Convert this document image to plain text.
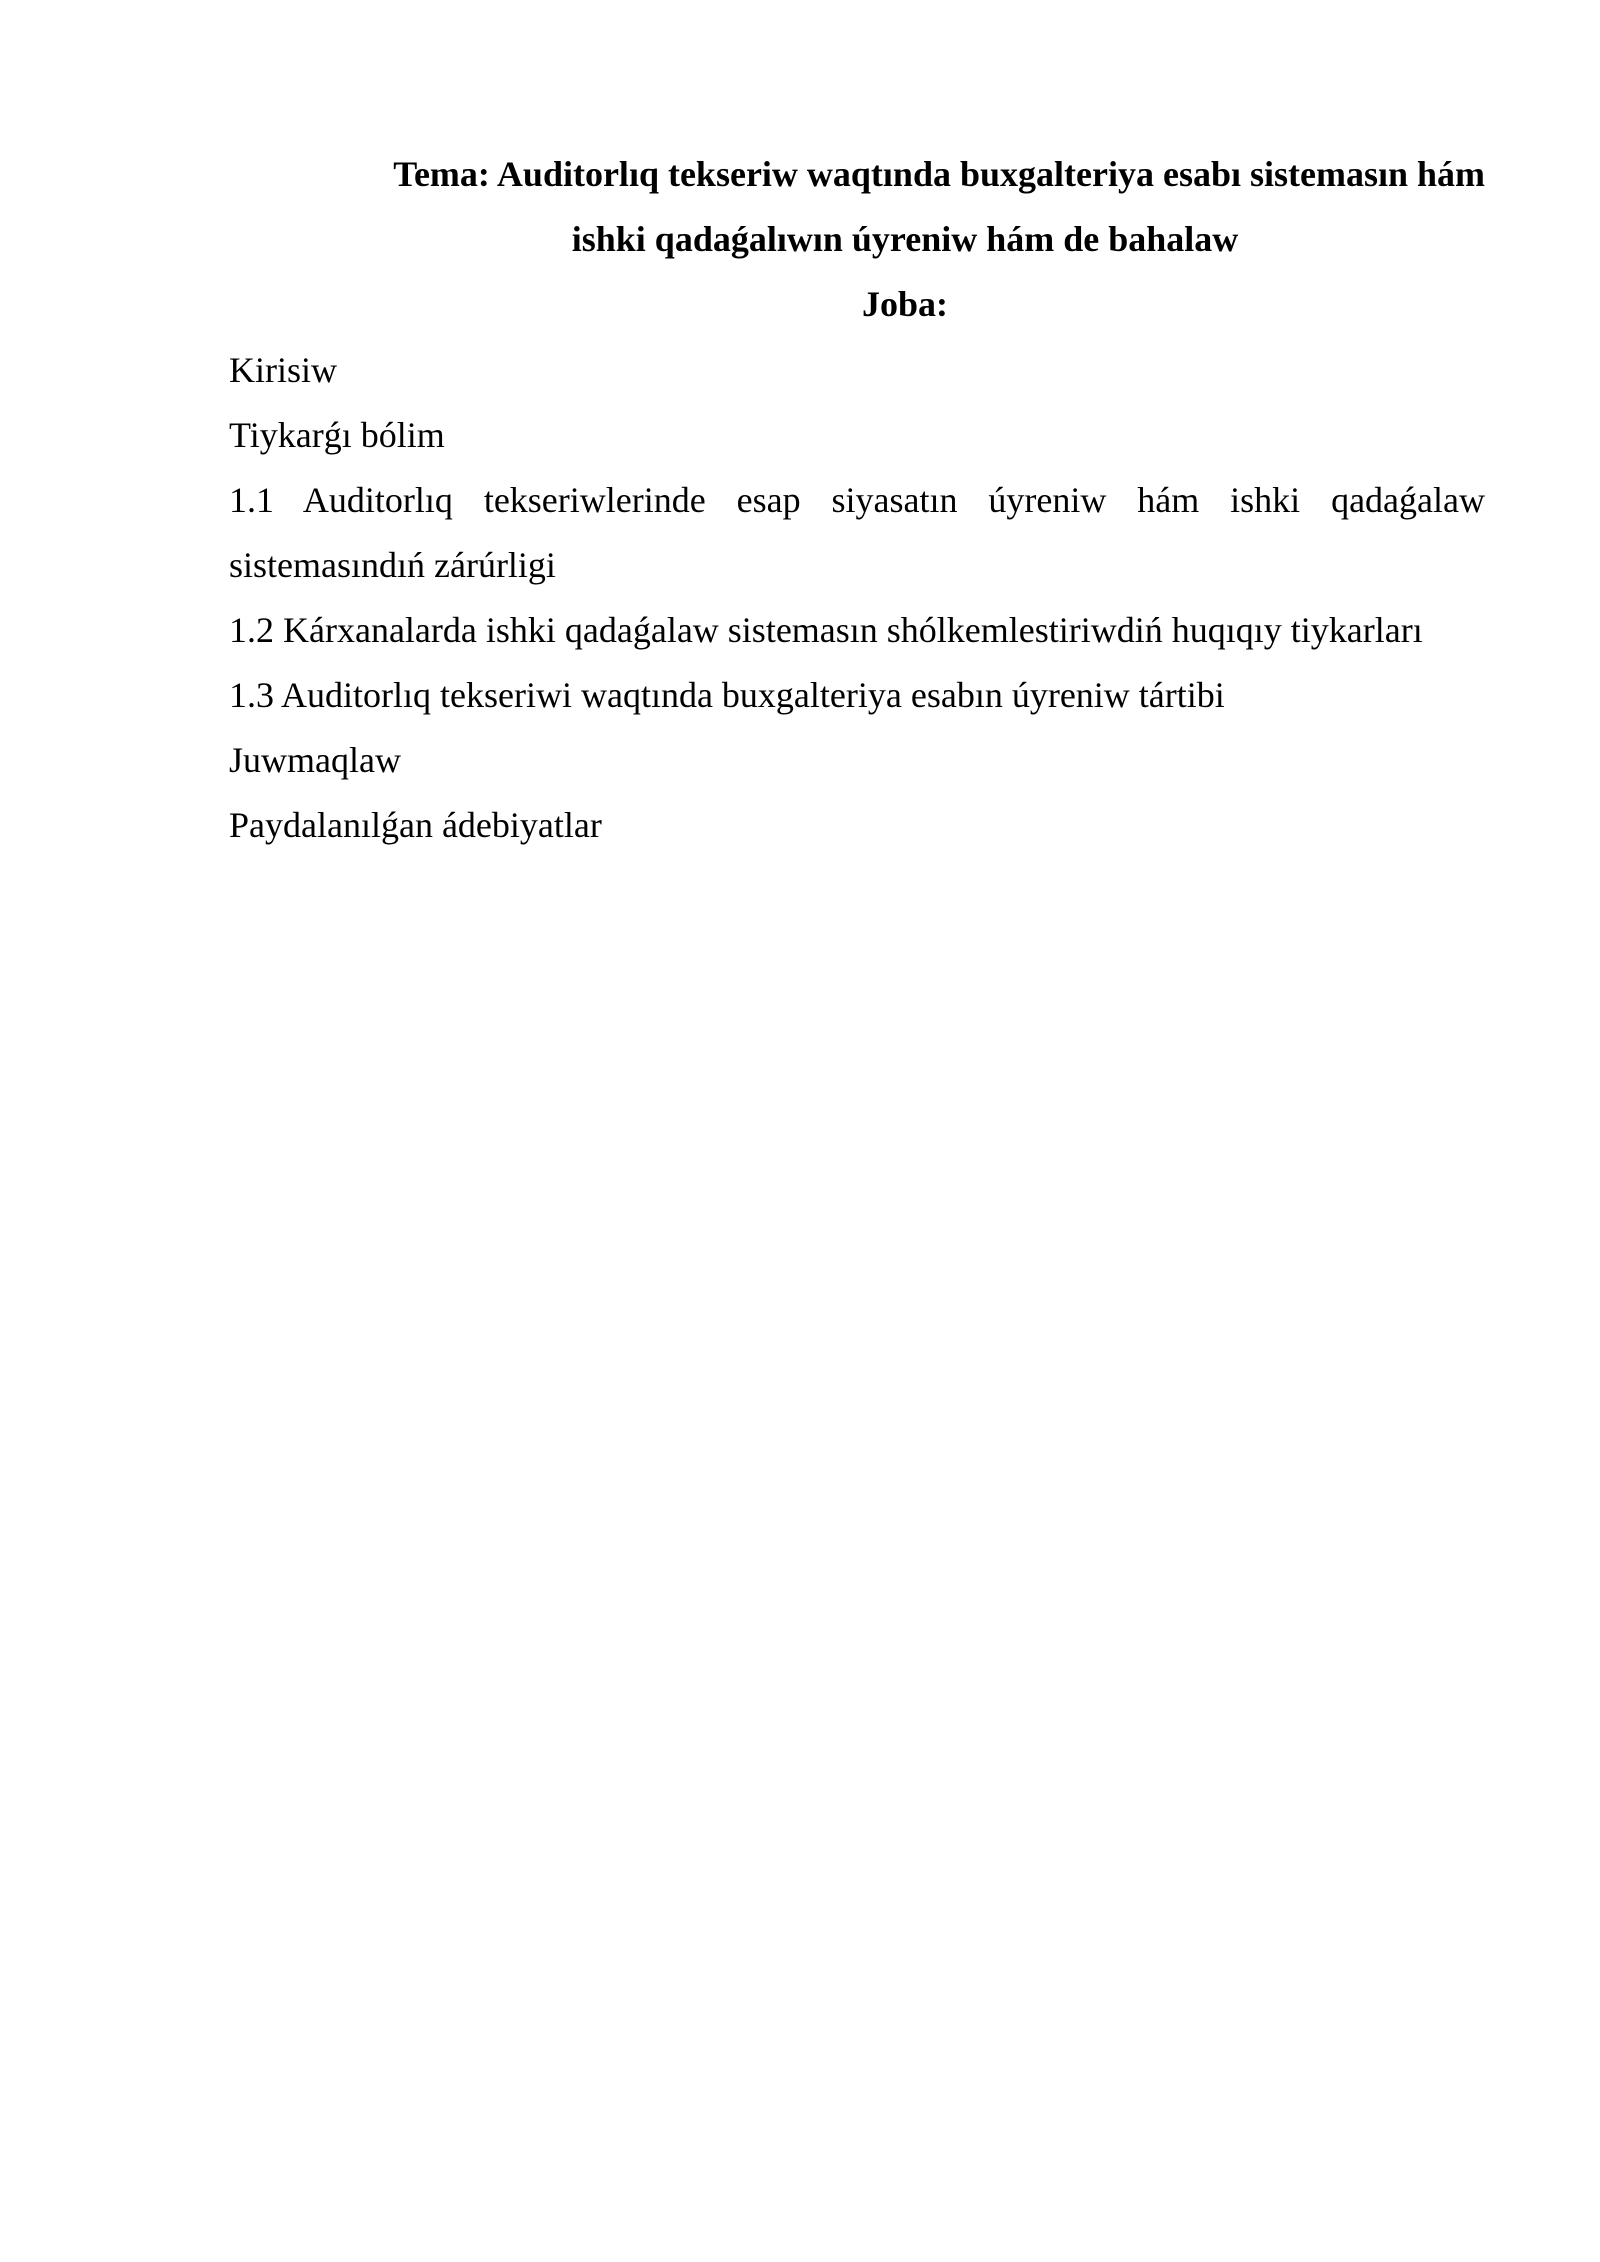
Tema: Auditorlıq tekseriw waqtında buxgalteriya esabı sistemasın hám
ishki qadaǵalıwın úyreniw hám de bahalaw
Joba:
Kirisiw
Tiykarǵı bólim
1.1 Auditorlıq tekseriwlerinde esap siyasatın úyreniw hám ishki qadaǵalaw sistemasındıń zárúrligi
1.2 Kárxanalarda ishki qadaǵalaw sistemasın shólkemlestiriwdiń huqıqıy tiykarları
1.3 Auditorlıq tekseriwi waqtında buxgalteriya esabın úyreniw tártibi
Juwmaqlaw
Paydalanılǵan ádebiyatlar
